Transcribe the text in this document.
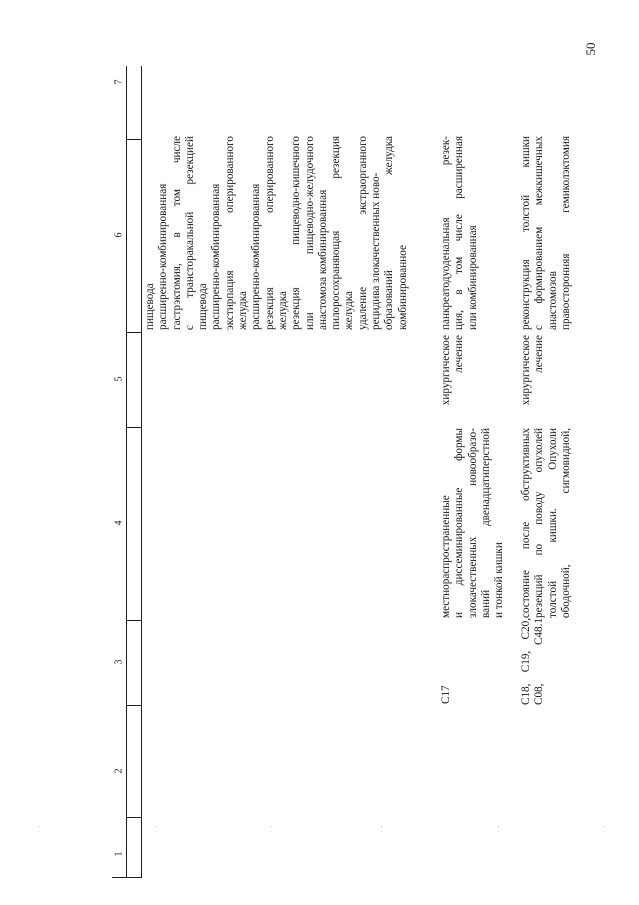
50
1
2
3
4
5
6
7
пищевода расширенно-комбинированная гастрэктомия, в том числе с трансторакальной резекцией пищевода расширенно-комбинированная экстирпация оперированного желудка расширенно-комбинированная резекция оперированного желудка резекция пищеводно-кишечного или пищеводно-желудочного анастомоза комбинированная пилоросохраняющая резекция желудка удаление экстраорганного рецидива злокачественных ново- образований желудка комбинированное
C17
местнораспространенные и диссеминированные формы злокачественных новообразо- ваний двенадцатиперстной и тонкой кишки
хирургическое лечение
панкреатодуоденальная резек- ция, в том числе расширенная или комбинированная
C18, C19, C20, C08, C48.1
состояние после обструктивных резекций по поводу опухолей толстой кишки. Опухоли ободочной, сигмовидной,
хирургическое лечение
реконструкция толстой кишки с формированием межкишечных анастомозов правосторонняя гемиколэктомия
